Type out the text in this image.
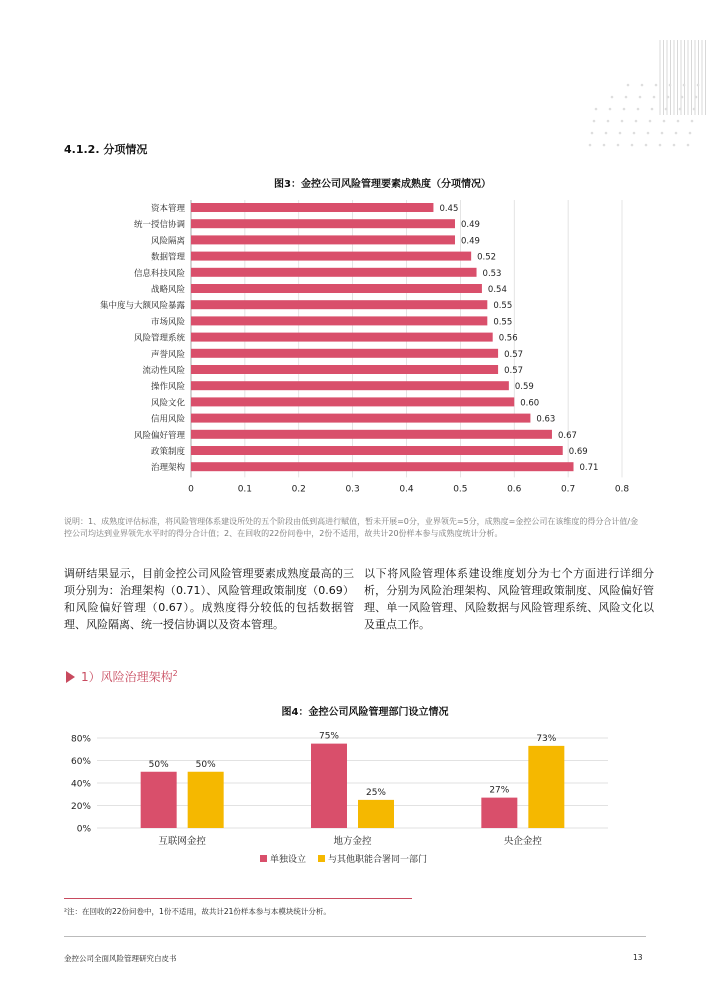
4.1.2. 分项情况
图3：金控公司风险管理要素成熟度（分项情况）
0	0.1	0.2	0.3	0.4	0.5	0.6	0.7	0.8
资本管理	0.45
统一授信协调	0.49
风险隔离	0.49
数据管理	0.52
信息科技风险	0.53
战略风险	0.54
集中度与大额风险暴露	0.55
市场风险	0.55
风险管理系统	0.56
声誉风险	0.57
流动性风险	0.57
操作风险	0.59
风险文化	0.60
信用风险	0.63
风险偏好管理	0.67
政策制度	0.69
治理架构	0.71
说明：1、成熟度评估标准，将风险管理体系建设所处的五个阶段由低到高进行赋值，暂未开展=0分，业界领先=5分，成熟度=金控公司在该维度的得分合计值/金控公司均达到业界领先水平时的得分合计值；2、在回收的22份问卷中，2份不适用，故共计20份样本参与成熟度统计分析。
调研结果显示，目前金控公司风险管理要素成熟度最高的三项分别为：治理架构（0.71）、风险管理政策制度（0.69）和风险偏好管理（0.67）。成熟度得分较低的包括数据管理、风险隔离、统一授信协调以及资本管理。
以下将风险管理体系建设维度划分为七个方面进行详细分析，分别为风险治理架构、风险管理政策制度、风险偏好管理、单一风险管理、风险数据与风险管理系统、风险文化以及重点工作。
1）风险治理架构$^2$
图4：金控公司风险管理部门设立情况
0%
20%
40%
60%
80%
50%	50%
互联网金控
75%
25%
地方金控
27%
73%
央企金控
单独设立 与其他职能合署同一部门
²注：在回收的22份问卷中，1份不适用，故共计21份样本参与本模块统计分析。
金控公司全面风险管理研究白皮书	13
